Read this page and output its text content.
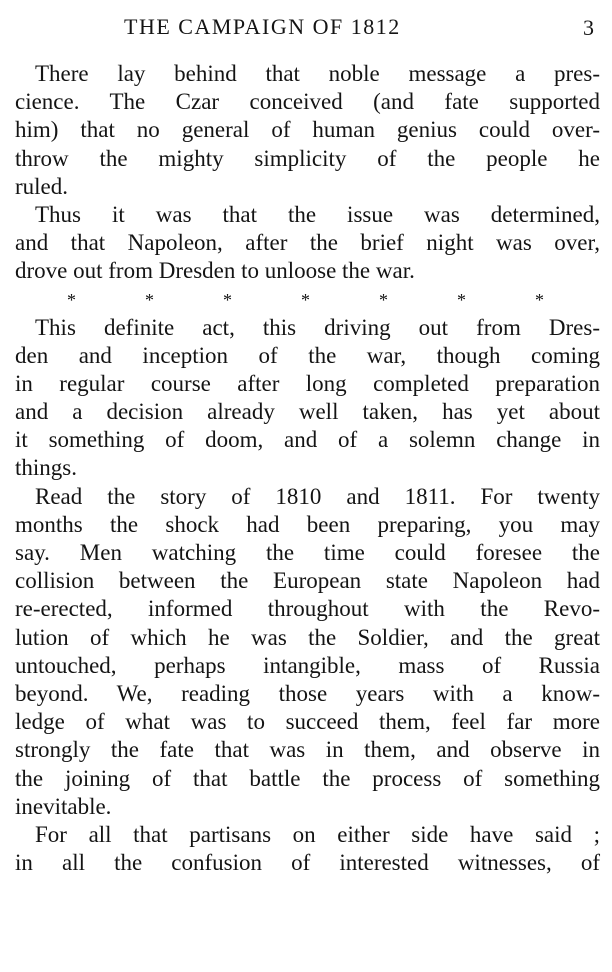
THE CAMPAIGN OF 1812	3
There lay behind that noble message a pres-
cience. The Czar conceived (and fate supported
him) that no general of human genius could over-
throw the mighty simplicity of the people he
ruled.
Thus it was that the issue was determined,
and that Napoleon, after the brief night was over,
drove out from Dresden to unloose the war.
*	*	*	*	*	*	*
This definite act, this driving out from Dres-
den and inception of the war, though coming
in regular course after long completed preparation
and a decision already well taken, has yet about
it something of doom, and of a solemn change in
things.
Read the story of 1810 and 1811. For twenty
months the shock had been preparing, you may
say. Men watching the time could foresee the
collision between the European state Napoleon had
re-erected, informed throughout with the Revo-
lution of which he was the Soldier, and the great
untouched, perhaps intangible, mass of Russia
beyond. We, reading those years with a know-
ledge of what was to succeed them, feel far more
strongly the fate that was in them, and observe in
the joining of that battle the process of something
inevitable.
For all that partisans on either side have said ;
in all the confusion of interested witnesses, of
